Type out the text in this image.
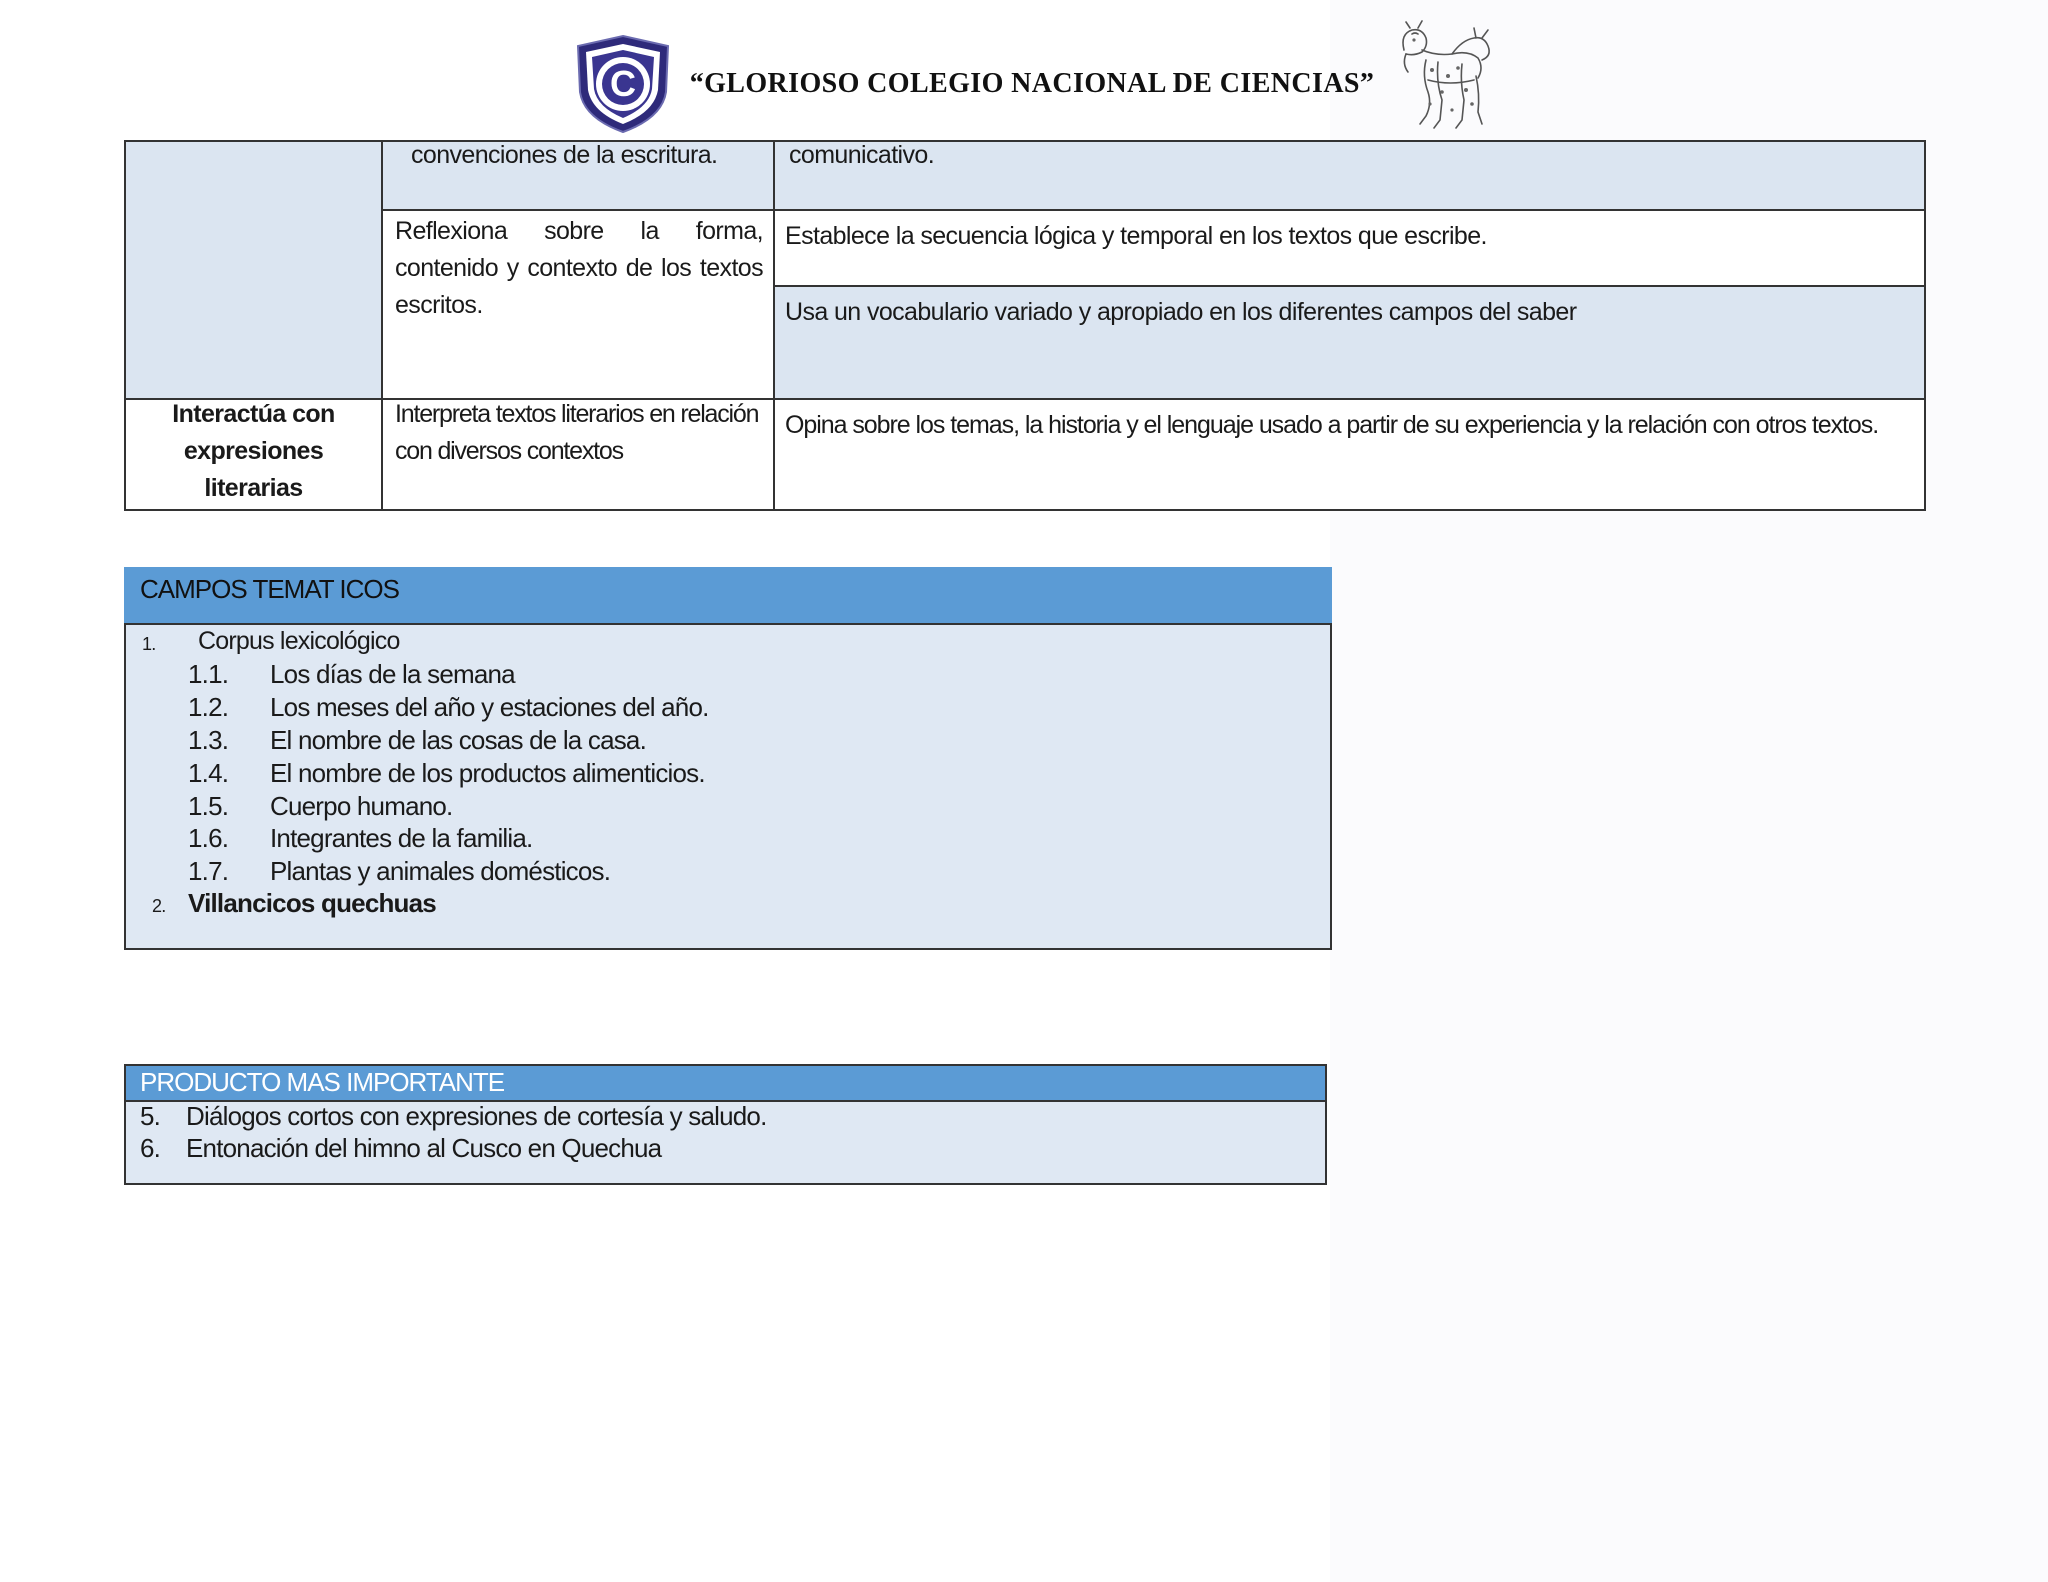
C	“GLORIOSO COLEGIO NACIONAL DE CIENCIAS”

	convenciones de la escritura.	comunicativo.

	Reflexiona sobre la forma, contenido y contexto de los textos escritos.	Establece la secuencia lógica y temporal en los textos que escribe.

		Usa un vocabulario variado y apropiado en los diferentes campos del saber

Interactúa con expresiones literarias	Interpreta textos literarios en relación con diversos contextos	Opina sobre los temas, la historia y el lenguaje usado a partir de su experiencia y la relación con otros textos.
CAMPOS TEMAT ICOS
1. Corpus lexicológico
1.1. Los días de la semana
1.2. Los meses del año y estaciones del año.
1.3. El nombre de las cosas de la casa.
1.4. El nombre de los productos alimenticios.
1.5. Cuerpo humano.
1.6. Integrantes de la familia.
1.7. Plantas y animales domésticos.
2. Villancicos quechuas
PRODUCTO MAS IMPORTANTE
5. Diálogos cortos con expresiones de cortesía y saludo.
6. Entonación del himno al Cusco en Quechua
